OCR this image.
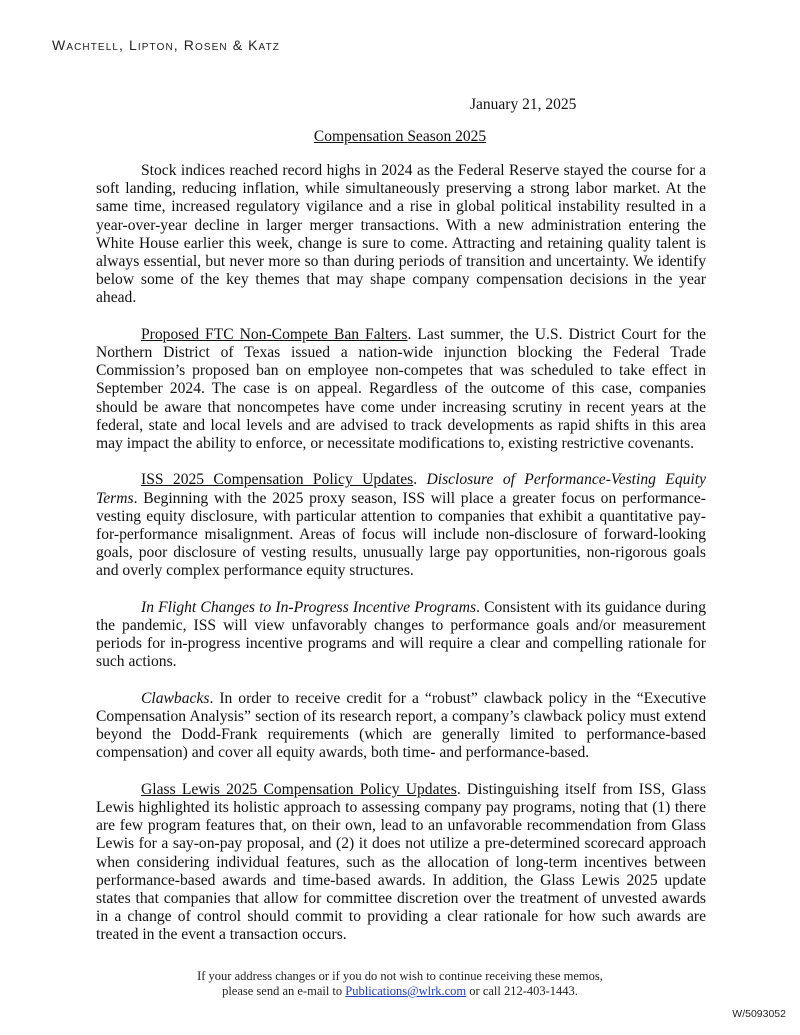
Wachtell, Lipton, Rosen & Katz
January 21, 2025
Compensation Season 2025

Stock indices reached record highs in 2024 as the Federal Reserve stayed the course for a soft landing, reducing inflation, while simultaneously preserving a strong labor market. At the same time, increased regulatory vigilance and a rise in global political instability resulted in a year-over-year decline in larger merger transactions. With a new administration entering the White House earlier this week, change is sure to come. Attracting and retaining quality talent is always essential, but never more so than during periods of transition and uncertainty. We identify below some of the key themes that may shape company compensation decisions in the year ahead.

Proposed FTC Non-Compete Ban Falters. Last summer, the U.S. District Court for the Northern District of Texas issued a nation-wide injunction blocking the Federal Trade Commission’s proposed ban on employee non-competes that was scheduled to take effect in September 2024. The case is on appeal. Regardless of the outcome of this case, companies should be aware that noncompetes have come under increasing scrutiny in recent years at the federal, state and local levels and are advised to track developments as rapid shifts in this area may impact the ability to enforce, or necessitate modifications to, existing restrictive covenants.

ISS 2025 Compensation Policy Updates. Disclosure of Performance-Vesting Equity Terms. Beginning with the 2025 proxy season, ISS will place a greater focus on performance-vesting equity disclosure, with particular attention to companies that exhibit a quantitative pay-for-performance misalignment. Areas of focus will include non-disclosure of forward-looking goals, poor disclosure of vesting results, unusually large pay opportunities, non-rigorous goals and overly complex performance equity structures.

In Flight Changes to In-Progress Incentive Programs. Consistent with its guidance during the pandemic, ISS will view unfavorably changes to performance goals and/or measurement periods for in-progress incentive programs and will require a clear and compelling rationale for such actions.

Clawbacks. In order to receive credit for a “robust” clawback policy in the “Executive Compensation Analysis” section of its research report, a company’s clawback policy must extend beyond the Dodd-Frank requirements (which are generally limited to performance-based compensation) and cover all equity awards, both time- and performance-based.

Glass Lewis 2025 Compensation Policy Updates. Distinguishing itself from ISS, Glass Lewis highlighted its holistic approach to assessing company pay programs, noting that (1) there are few program features that, on their own, lead to an unfavorable recommendation from Glass Lewis for a say-on-pay proposal, and (2) it does not utilize a pre-determined scorecard approach when considering individual features, such as the allocation of long-term incentives between performance-based awards and time-based awards. In addition, the Glass Lewis 2025 update states that companies that allow for committee discretion over the treatment of unvested awards in a change of control should commit to providing a clear rationale for how such awards are treated in the event a transaction occurs.

If your address changes or if you do not wish to continue receiving these memos,
please send an e-mail to Publications@wlrk.com or call 212-403-1443.
W/5093052
